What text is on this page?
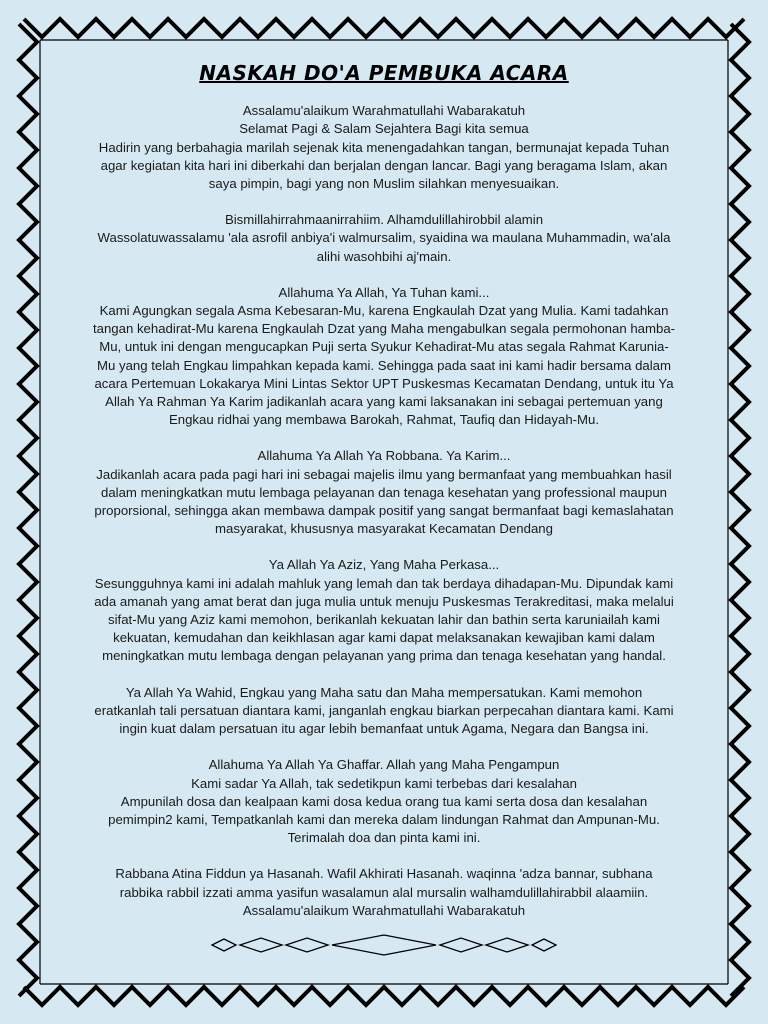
NASKAH DO'A PEMBUKA ACARA
Assalamu'alaikum Warahmatullahi Wabarakatuh
Selamat Pagi & Salam Sejahtera Bagi kita semua
Hadirin yang berbahagia marilah sejenak kita menengadahkan tangan, bermunajat kepada Tuhan
agar kegiatan kita hari ini diberkahi dan berjalan dengan lancar. Bagi yang beragama Islam, akan
saya pimpin, bagi yang non Muslim silahkan menyesuaikan.
Bismillahirrahmaanirrahiim. Alhamdulillahirobbil alamin
Wassolatuwassalamu 'ala asrofil anbiya'i walmursalim, syaidina wa maulana Muhammadin, wa'ala
alihi wasohbihi aj'main.
Allahuma Ya Allah, Ya Tuhan kami...
Kami Agungkan segala Asma Kebesaran-Mu, karena Engkaulah Dzat yang Mulia. Kami tadahkan
tangan kehadirat-Mu karena Engkaulah Dzat yang Maha mengabulkan segala permohonan hamba-
Mu, untuk ini dengan mengucapkan Puji serta Syukur Kehadirat-Mu atas segala Rahmat Karunia-
Mu yang telah Engkau limpahkan kepada kami. Sehingga pada saat ini kami hadir bersama dalam
acara Pertemuan Lokakarya Mini Lintas Sektor UPT Puskesmas Kecamatan Dendang, untuk itu Ya
Allah Ya Rahman Ya Karim jadikanlah acara yang kami laksanakan ini sebagai pertemuan yang
Engkau ridhai yang membawa Barokah, Rahmat, Taufiq dan Hidayah-Mu.
Allahuma Ya Allah Ya Robbana. Ya Karim...
Jadikanlah acara pada pagi hari ini sebagai majelis ilmu yang bermanfaat yang membuahkan hasil
dalam meningkatkan mutu lembaga pelayanan dan tenaga kesehatan yang professional maupun
proporsional, sehingga akan membawa dampak positif yang sangat bermanfaat bagi kemaslahatan
masyarakat, khususnya masyarakat Kecamatan Dendang
Ya Allah Ya Aziz, Yang Maha Perkasa...
Sesungguhnya kami ini adalah mahluk yang lemah dan tak berdaya dihadapan-Mu. Dipundak kami
ada amanah yang amat berat dan juga mulia untuk menuju Puskesmas Terakreditasi, maka melalui
sifat-Mu yang Aziz kami memohon, berikanlah kekuatan lahir dan bathin serta karuniailah kami
kekuatan, kemudahan dan keikhlasan agar kami dapat melaksanakan kewajiban kami dalam
meningkatkan mutu lembaga dengan pelayanan yang prima dan tenaga kesehatan yang handal.
Ya Allah Ya Wahid, Engkau yang Maha satu dan Maha mempersatukan. Kami memohon
eratkanlah tali persatuan diantara kami, janganlah engkau biarkan perpecahan diantara kami. Kami
ingin kuat dalam persatuan itu agar lebih bemanfaat untuk Agama, Negara dan Bangsa ini.
Allahuma Ya Allah Ya Ghaffar. Allah yang Maha Pengampun
Kami sadar Ya Allah, tak sedetikpun kami terbebas dari kesalahan
Ampunilah dosa dan kealpaan kami dosa kedua orang tua kami serta dosa dan kesalahan
pemimpin2 kami, Tempatkanlah kami dan mereka dalam lindungan Rahmat dan Ampunan-Mu.
Terimalah doa dan pinta kami ini.
Rabbana Atina Fiddun ya Hasanah. Wafil Akhirati Hasanah. waqinna 'adza bannar, subhana
rabbika rabbil izzati amma yasifun wasalamun alal mursalin walhamdulillahirabbil alaamiin.
Assalamu'alaikum Warahmatullahi Wabarakatuh
